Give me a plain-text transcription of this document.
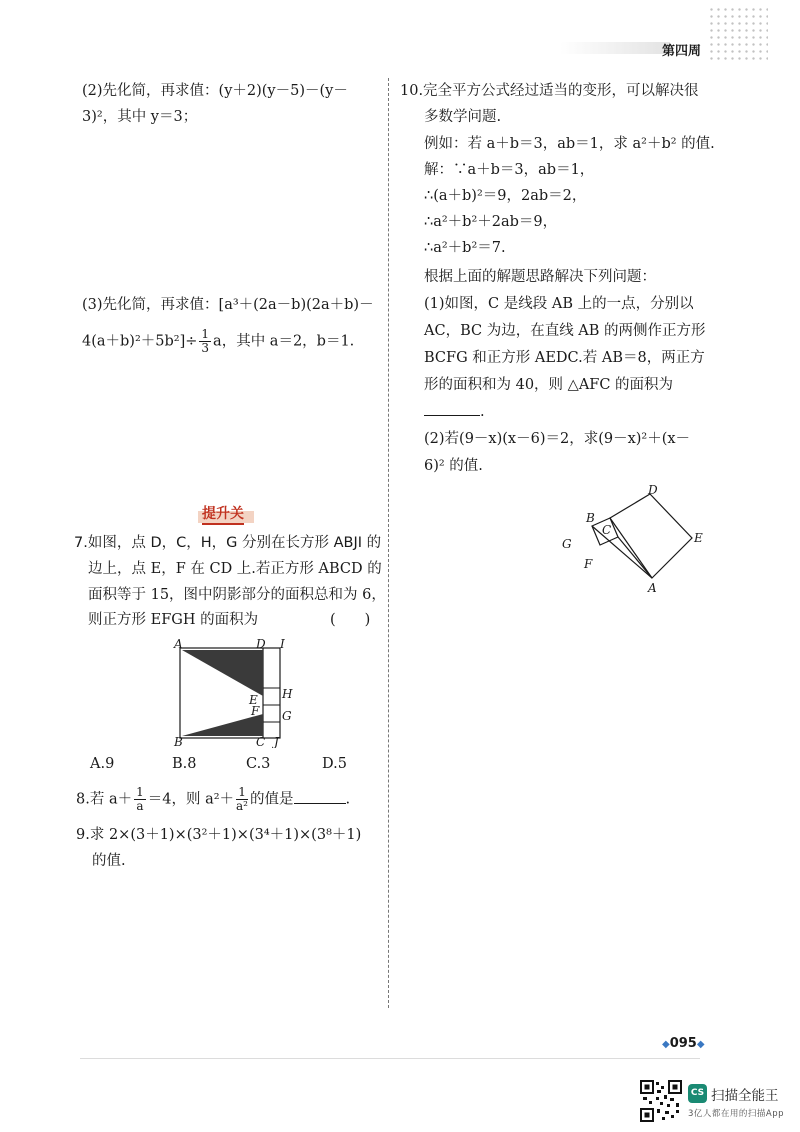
第四周
(2)先化简，再求值：(y＋2)(y－5)－(y－
3)²，其中 y＝3；
(3)先化简，再求值：[a³＋(2a－b)(2a＋b)－
$4(a+b)^2+5b^2]\div \frac{1}{3}$ a，其中 a＝2，b＝1.
提升关
7.如图，点 D，C，H，G 分别在长方形 ABJI 的
边上，点 E，F 在 CD 上.若正方形 ABCD 的
面积等于 15，图中阴影部分的面积总和为 6，
则正方形 EFGH 的面积为	(　　)
A	D I
H
E
F G
B	C J
A.9	B.8	C.3	D.5
8.若 $a+ \frac{1}{a} =4$，则 $a^2+ \frac{1}{\text{a²}}$ 的值是	.
9.求 2×(3＋1)×(3²＋1)×(3⁴＋1)×(3⁸＋1)
的值.
10.完全平方公式经过适当的变形，可以解决很
多数学问题.
例如：若 a＋b＝3，ab＝1，求 a²＋b² 的值.
解：∵a＋b＝3，ab＝1，
∴(a＋b)²＝9，2ab＝2，
∴a²＋b²＋2ab＝9，
∴a²＋b²＝7.
根据上面的解题思路解决下列问题：
(1)如图，C 是线段 AB 上的一点，分别以
AC，BC 为边，在直线 AB 的两侧作正方形
BCFG 和正方形 AEDC.若 AB＝8，两正方
形的面积和为 40，则 △AFC 的面积为
.
(2)若(9－x)(x－6)＝2，求(9－x)²＋(x－
6)² 的值.
D
B
C
G	E
F
A
◆095◆
CS 扫描全能王
3亿人都在用的扫描App
